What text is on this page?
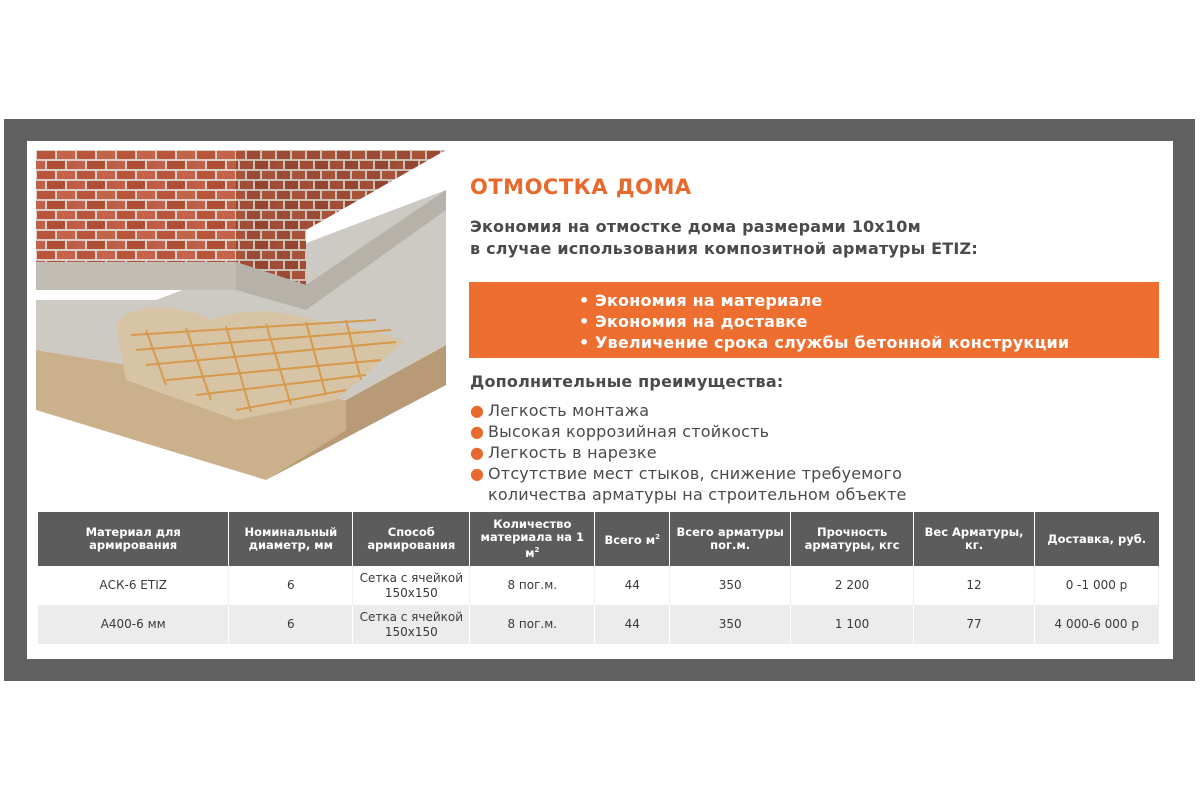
ОТМОСТКА ДОМА
Экономия на отмостке дома размерами 10х10м
в случае использования композитной арматуры ETIZ:
• Экономия на материале
• Экономия на доставке
• Увеличение срока службы бетонной конструкции
Дополнительные преимущества:
● Легкость монтажа
● Высокая коррозийная стойкость
● Легкость в нарезке
● Отсутствие мест стыков, снижение требуемого
количества арматуры на строительном объекте
Материал для армирования	Номинальный диаметр, мм	Способ армирования	Количество материала на 1 $м^2$	Всего $м^2$	Всего арматуры пог.м.	Прочность арматуры, кгс	Вес Арматуры, кг.	Доставка, руб.
АСК-6 ETIZ	6	Сетка с ячейкой
150х150	8 пог.м.	44	350	2 200	12	0 -1 000 р
А400-6 мм	6	Сетка с ячейкой
150х150	8 пог.м.	44	350	1 100	77	4 000-6 000 р
